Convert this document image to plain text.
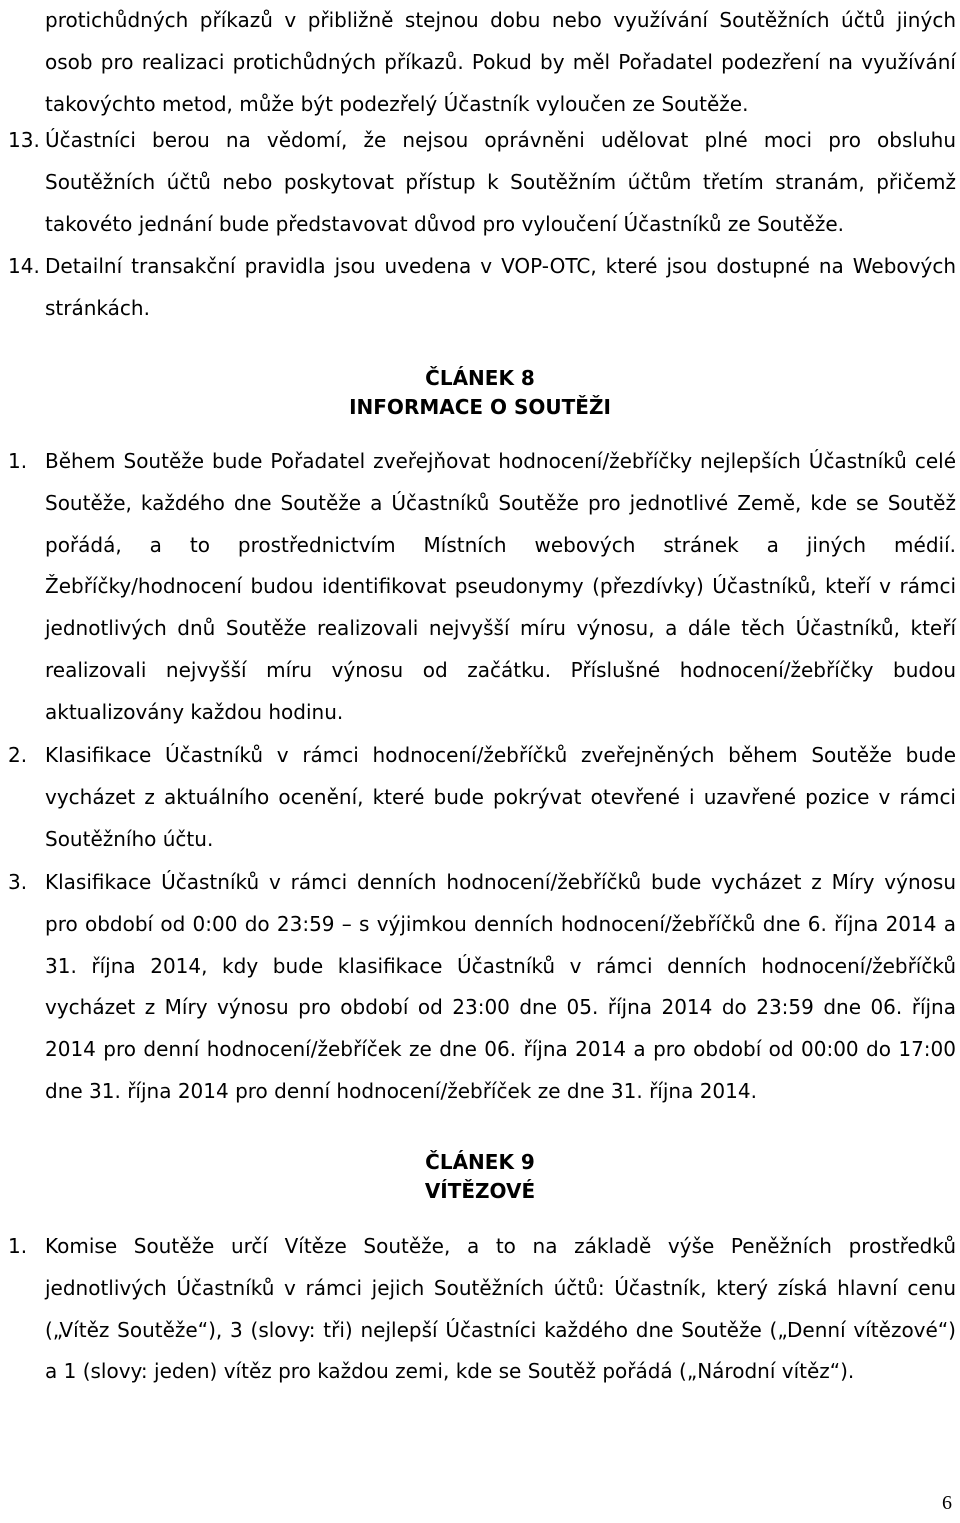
protichůdných příkazů v přibližně stejnou dobu nebo využívání Soutěžních účtů jiných osob pro realizaci protichůdných příkazů. Pokud by měl Pořadatel podezření na využívání takovýchto metod, může být podezřelý Účastník vyloučen ze Soutěže.
13. Účastníci berou na vědomí, že nejsou oprávněni udělovat plné moci pro obsluhu Soutěžních účtů nebo poskytovat přístup k Soutěžním účtům třetím stranám, přičemž takovéto jednání bude představovat důvod pro vyloučení Účastníků ze Soutěže.
14. Detailní transakční pravidla jsou uvedena v VOP-OTC, které jsou dostupné na Webových stránkách.
ČLÁNEK 8
INFORMACE O SOUTĚŽI
1. Během Soutěže bude Pořadatel zveřejňovat hodnocení/žebříčky nejlepších Účastníků celé Soutěže, každého dne Soutěže a Účastníků Soutěže pro jednotlivé Země, kde se Soutěž pořádá, a to prostřednictvím Místních webových stránek a jiných médií. Žebříčky/hodnocení budou identifikovat pseudonymy (přezdívky) Účastníků, kteří v rámci jednotlivých dnů Soutěže realizovali nejvyšší míru výnosu, a dále těch Účastníků, kteří realizovali nejvyšší míru výnosu od začátku. Příslušné hodnocení/žebříčky budou aktualizovány každou hodinu.
2. Klasifikace Účastníků v rámci hodnocení/žebříčků zveřejněných během Soutěže bude vycházet z aktuálního ocenění, které bude pokrývat otevřené i uzavřené pozice v rámci Soutěžního účtu.
3. Klasifikace Účastníků v rámci denních hodnocení/žebříčků bude vycházet z Míry výnosu pro období od 0:00 do 23:59 – s výjimkou denních hodnocení/žebříčků dne 6. října 2014 a 31. října 2014, kdy bude klasifikace Účastníků v rámci denních hodnocení/žebříčků vycházet z Míry výnosu pro období od 23:00 dne 05. října 2014 do 23:59 dne 06. října 2014 pro denní hodnocení/žebříček ze dne 06. října 2014 a pro období od 00:00 do 17:00 dne 31. října 2014 pro denní hodnocení/žebříček ze dne 31. října 2014.
ČLÁNEK 9
VÍTĚZOVÉ
1. Komise Soutěže určí Vítěze Soutěže, a to na základě výše Peněžních prostředků jednotlivých Účastníků v rámci jejich Soutěžních účtů: Účastník, který získá hlavní cenu („Vítěz Soutěže“), 3 (slovy: tři) nejlepší Účastníci každého dne Soutěže („Denní vítězové“) a 1 (slovy: jeden) vítěz pro každou zemi, kde se Soutěž pořádá („Národní vítěz“).
6
